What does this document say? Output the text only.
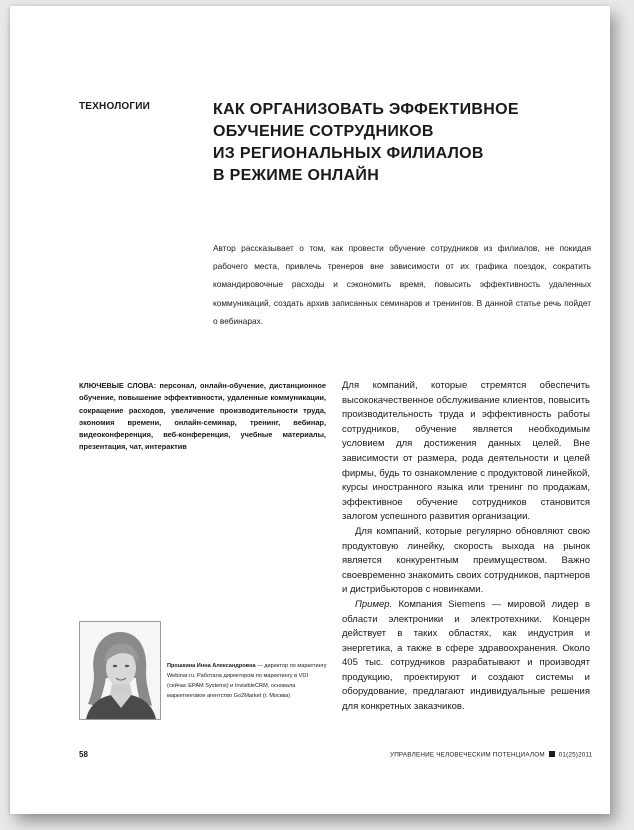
ТЕХНОЛОГИИ	КАК ОРГАНИЗОВАТЬ ЭФФЕКТИВНОЕ
ОБУЧЕНИЕ СОТРУДНИКОВ
ИЗ РЕГИОНАЛЬНЫХ ФИЛИАЛОВ
В РЕЖИМЕ ОНЛАЙН
Автор рассказывает о том, как провести обучение сотрудников из филиалов, не покидая рабочего места, привлечь тренеров вне зависимости от их графика поездок, сократить командировочные расходы и сэкономить время, повысить эффективность удаленных коммуникаций, создать архив записанных семинаров и тренингов. В данной статье речь пойдет о вебинарах.
КЛЮЧЕВЫЕ СЛОВА: персонал, онлайн-обучение, дистанционное обучение, повышение эффективности, удаленные коммуникации, сокращение расходов, увеличение производительности труда, экономия времени, онлайн-семинар, тренинг, вебинар, видеоконференция, веб-конференция, учебные материалы, презентация, чат, интерактив

Для компаний, которые стремятся обеспечить высококачественное обслуживание клиентов, повысить производительность труда и эффективность работы сотрудников, обучение является необходимым условием для достижения данных целей. Вне зависимости от размера, рода деятельности и целей фирмы, будь то ознакомление с продуктовой линейкой, курсы иностранного языка или тренинг по продажам, эффективное обучение сотрудников становится залогом успешного развития организации.

Для компаний, которые регулярно обновляют свою продуктовую линейку, скорость выхода на рынок является конкурентным преимуществом. Важно своевременно знакомить своих сотрудников, партнеров и дистрибьюторов с новинками.

Пример. Компания Siemens — мировой лидер в области электроники и электротехники. Концерн действует в таких областях, как индустрия и энергетика, а также в сфере здравоохранения. Около 405 тыс. сотрудников разрабатывают и производят продукцию, проектируют и создают системы и оборудование, предлагают индивидуальные решения для конкретных заказчиков.

Прошкина Инна Александровна — директор по маркетингу Webinar.ru. Работала директором по маркетингу в VDI (сейчас EPAM Systems) и InvisibleCRM, основала маркетинговое агентство Go2Market (г. Москва)
58	УПРАВЛЕНИЕ ЧЕЛОВЕЧЕСКИМ ПОТЕНЦИАЛОМ 01(25)2011
